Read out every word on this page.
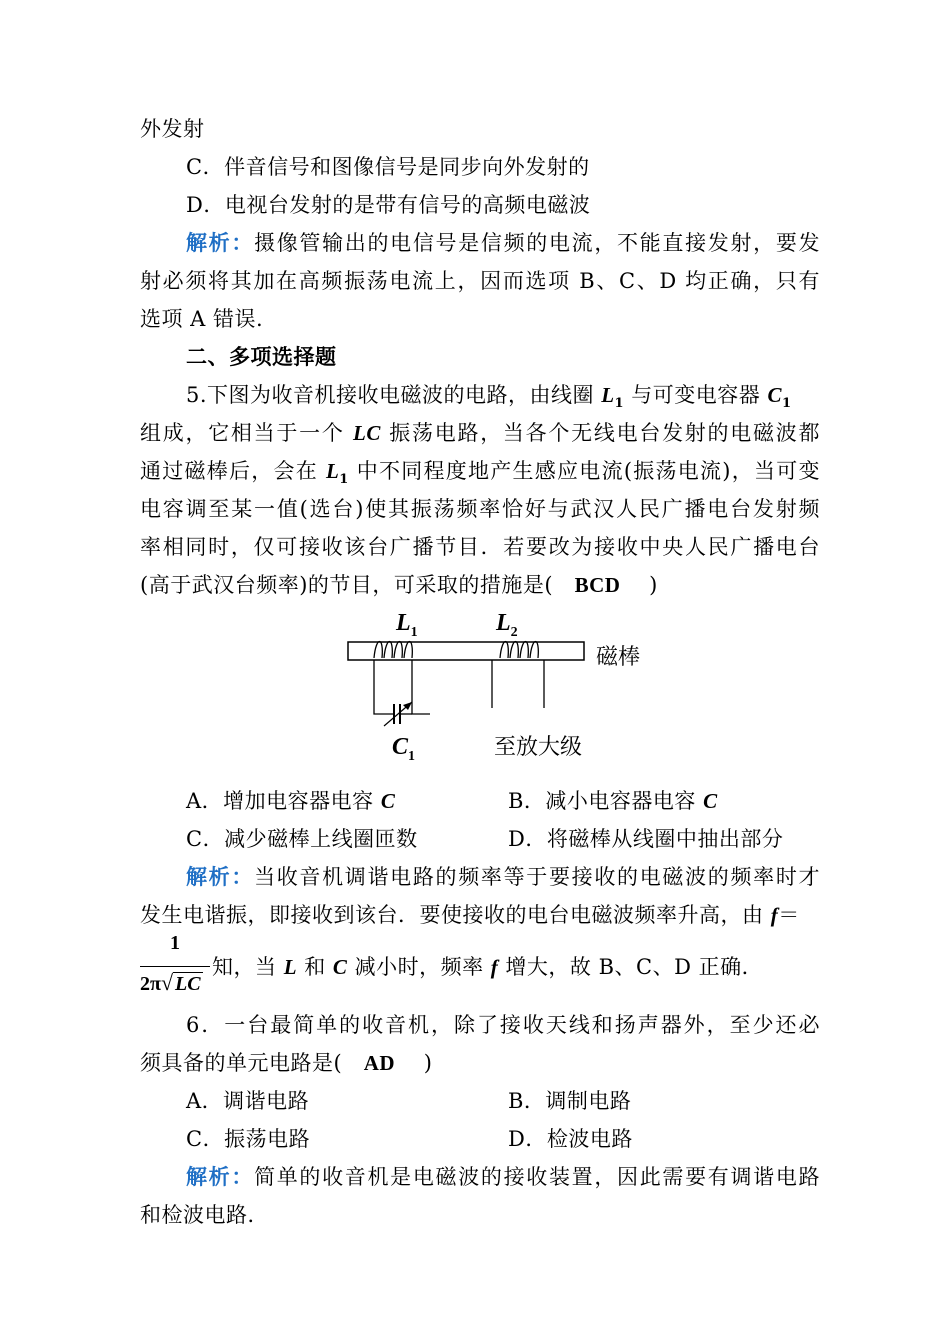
外发射
C．伴音信号和图像信号是同步向外发射的
D．电视台发射的是带有信号的高频电磁波
解析：摄像管输出的电信号是信频的电流，不能直接发射，要发
射必须将其加在高频振荡电流上，因而选项 B、C、D 均正确，只有
选项 A 错误.
二、多项选择题
5.下图为收音机接收电磁波的电路，由线圈 $L_1$ 与可变电容器 $C_1$
组成，它相当于一个 LC 振荡电路，当各个无线电台发射的电磁波都
通过磁棒后，会在 $L_1$ 中不同程度地产生感应电流(振荡电流)，当可变
电容调至某一值(选台)使其振荡频率恰好与武汉人民广播电台发射频
率相同时，仅可接收该台广播节目．若要改为接收中央人民广播电台
(高于武汉台频率)的节目，可采取的措施是( BCD )
$L_1$	$L_2$
磁棒
$C_1$	至放大级
A．增加电容器电容 C	B．减小电容器电容 C
C．减少磁棒上线圈匝数	D．将磁棒从线圈中抽出部分
解析：当收音机调谐电路的频率等于要接收的电磁波的频率时才
发生电谐振，即接收到该台．要使接收的电台电磁波频率升高，由 f＝
1
2π√ LC
知，当 L 和 C 减小时，频率 f 增大，故 B、C、D 正确．
6．一台最简单的收音机，除了接收天线和扬声器外，至少还必
须具备的单元电路是( AD )
A．调谐电路	B．调制电路
C．振荡电路	D．检波电路
解析：简单的收音机是电磁波的接收装置，因此需要有调谐电路
和检波电路．
